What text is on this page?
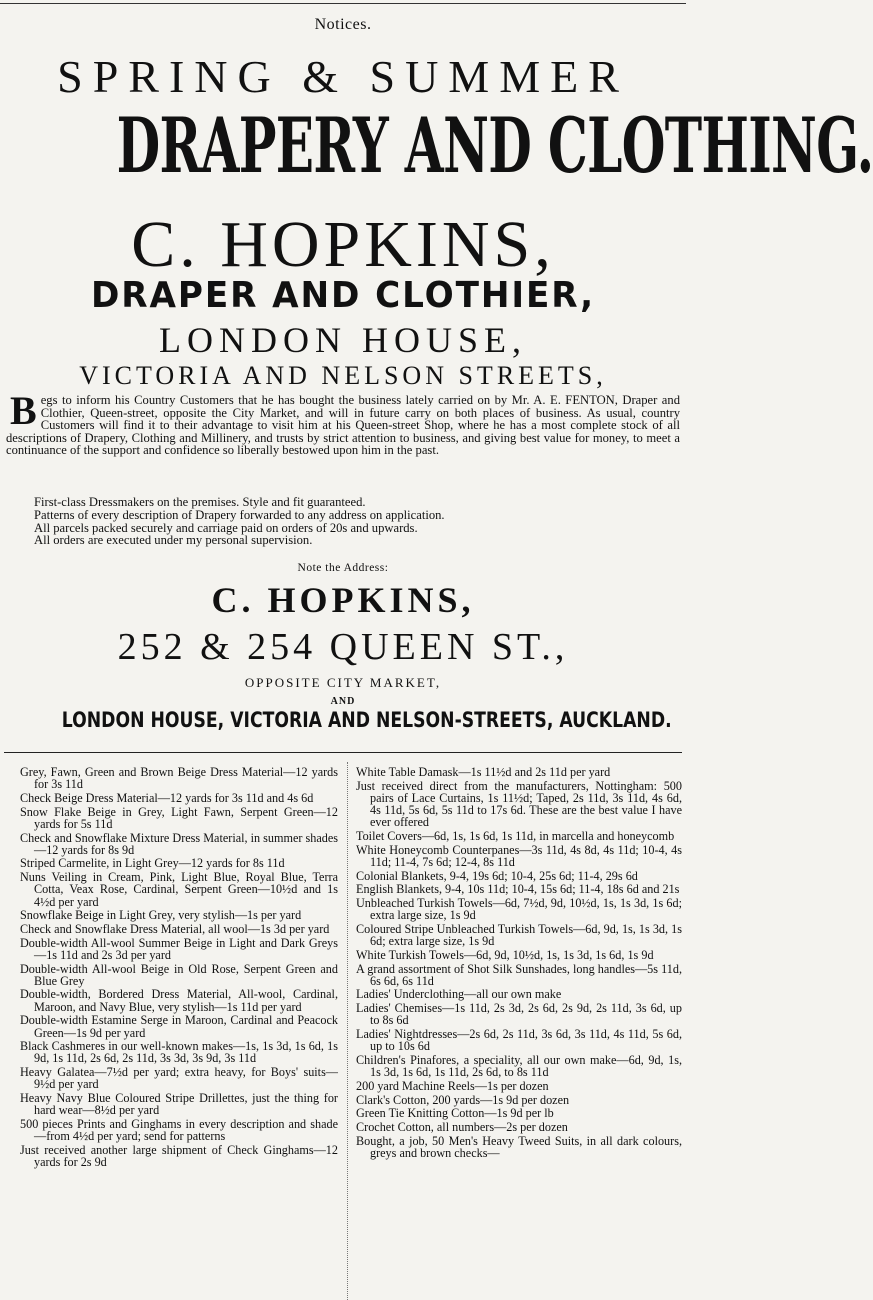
Notices.
SPRING & SUMMER
DRAPERY AND CLOTHING.
C. HOPKINS,
DRAPER AND CLOTHIER,
LONDON HOUSE,
VICTORIA AND NELSON STREETS,

Begs to inform his Country Customers that he has bought the business lately carried on by Mr. A. E. FENTON, Draper and Clothier, Queen-street, opposite the City Market, and will in future carry on both places of business. As usual, country Customers will find it to their advantage to visit him at his Queen-street Shop, where he has a most complete stock of all descriptions of Drapery, Clothing and Millinery, and trusts by strict attention to business, and giving best value for money, to meet a continuance of the support and confidence so liberally bestowed upon him in the past.

First-class Dressmakers on the premises. Style and fit guaranteed.
Patterns of every description of Drapery forwarded to any address on application.
All parcels packed securely and carriage paid on orders of 20s and upwards.
All orders are executed under my personal supervision.
Note the Address:
C. HOPKINS,
252 & 254 QUEEN ST.,
OPPOSITE CITY MARKET,
AND
LONDON HOUSE, VICTORIA AND NELSON-STREETS, AUCKLAND.

Grey, Fawn, Green and Brown Beige Dress Material—12 yards for 3s 11d

Check Beige Dress Material—12 yards for 3s 11d and 4s 6d

Snow Flake Beige in Grey, Light Fawn, Serpent Green—12 yards for 5s 11d

Check and Snowflake Mixture Dress Material, in summer shades—12 yards for 8s 9d

Striped Carmelite, in Light Grey—12 yards for 8s 11d

Nuns Veiling in Cream, Pink, Light Blue, Royal Blue, Terra Cotta, Veax Rose, Cardinal, Serpent Green—10½d and 1s 4½d per yard

Snowflake Beige in Light Grey, very stylish—1s per yard

Check and Snowflake Dress Material, all wool—1s 3d per yard

Double-width All-wool Summer Beige in Light and Dark Greys—1s 11d and 2s 3d per yard

Double-width All-wool Beige in Old Rose, Serpent Green and Blue Grey

Double-width, Bordered Dress Material, All-wool, Cardinal, Maroon, and Navy Blue, very stylish—1s 11d per yard

Double-width Estamine Serge in Maroon, Cardinal and Peacock Green—1s 9d per yard

Black Cashmeres in our well-known makes—1s, 1s 3d, 1s 6d, 1s 9d, 1s 11d, 2s 6d, 2s 11d, 3s 3d, 3s 9d, 3s 11d

Heavy Galatea—7½d per yard; extra heavy, for Boys' suits—9½d per yard

Heavy Navy Blue Coloured Stripe Drillettes, just the thing for hard wear—8½d per yard

500 pieces Prints and Ginghams in every description and shade—from 4½d per yard; send for patterns

Just received another large shipment of Check Ginghams—12 yards for 2s 9d

White Table Damask—1s 11½d and 2s 11d per yard

Just received direct from the manufacturers, Nottingham: 500 pairs of Lace Curtains, 1s 11½d; Taped, 2s 11d, 3s 11d, 4s 6d, 4s 11d, 5s 6d, 5s 11d to 17s 6d. These are the best value I have ever offered

Toilet Covers—6d, 1s, 1s 6d, 1s 11d, in marcella and honeycomb

White Honeycomb Counterpanes—3s 11d, 4s 8d, 4s 11d; 10-4, 4s 11d; 11-4, 7s 6d; 12-4, 8s 11d

Colonial Blankets, 9-4, 19s 6d; 10-4, 25s 6d; 11-4, 29s 6d

English Blankets, 9-4, 10s 11d; 10-4, 15s 6d; 11-4, 18s 6d and 21s

Unbleached Turkish Towels—6d, 7½d, 9d, 10½d, 1s, 1s 3d, 1s 6d; extra large size, 1s 9d

Coloured Stripe Unbleached Turkish Towels—6d, 9d, 1s, 1s 3d, 1s 6d; extra large size, 1s 9d

White Turkish Towels—6d, 9d, 10½d, 1s, 1s 3d, 1s 6d, 1s 9d

A grand assortment of Shot Silk Sunshades, long handles—5s 11d, 6s 6d, 6s 11d

Ladies' Underclothing—all our own make

Ladies' Chemises—1s 11d, 2s 3d, 2s 6d, 2s 9d, 2s 11d, 3s 6d, up to 8s 6d

Ladies' Nightdresses—2s 6d, 2s 11d, 3s 6d, 3s 11d, 4s 11d, 5s 6d, up to 10s 6d

Children's Pinafores, a speciality, all our own make—6d, 9d, 1s, 1s 3d, 1s 6d, 1s 11d, 2s 6d, to 8s 11d

200 yard Machine Reels—1s per dozen

Clark's Cotton, 200 yards—1s 9d per dozen

Green Tie Knitting Cotton—1s 9d per lb

Crochet Cotton, all numbers—2s per dozen

Bought, a job, 50 Men's Heavy Tweed Suits, in all dark colours, greys and brown checks—
